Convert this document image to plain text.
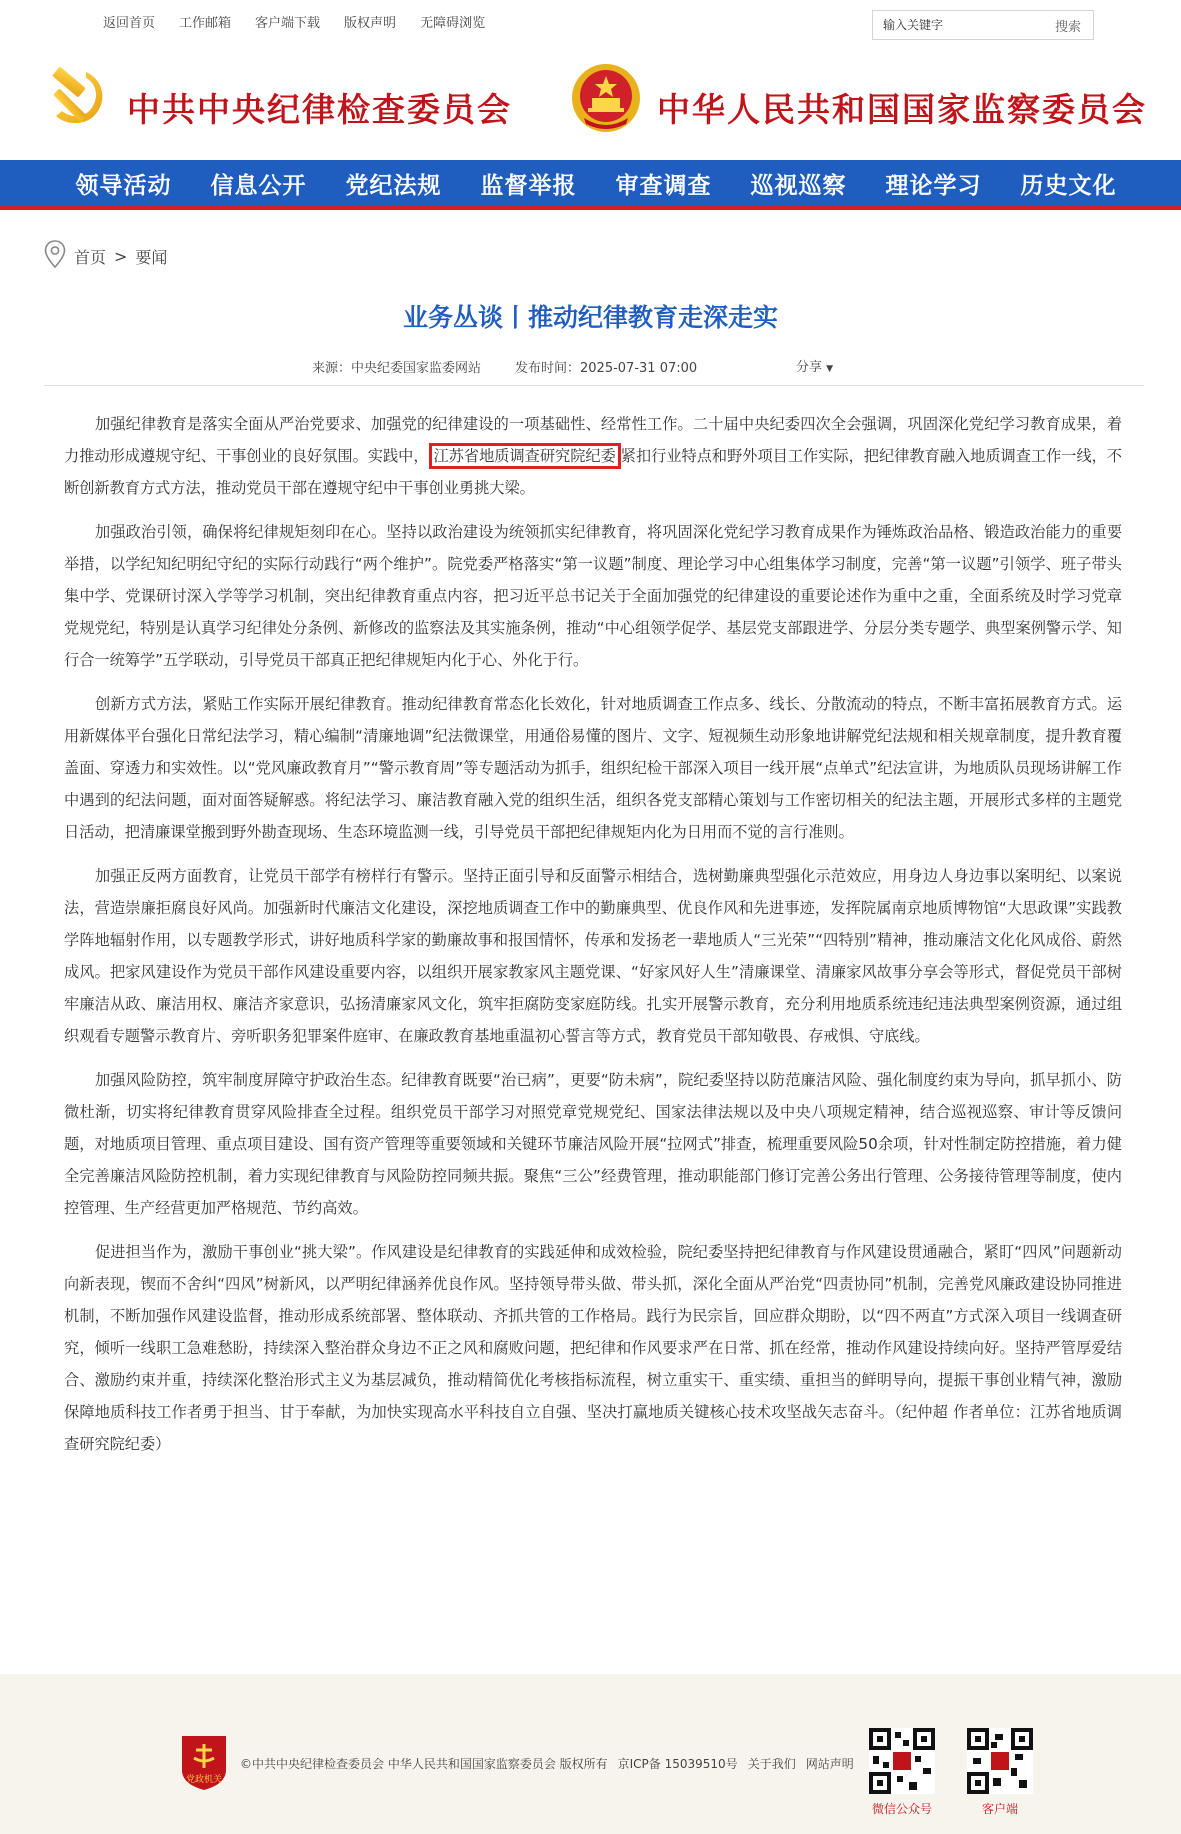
返回首页 工作邮箱 客户端下载 版权声明 无障碍浏览
输入关键字	搜索
中共中央纪律检查委员会	中华人民共和国国家监察委员会
领导活动	信息公开	党纪法规	监督举报	审查调查	巡视巡察	理论学习	历史文化
首页 > 要闻
业务丛谈丨推动纪律教育走深走实
来源：中央纪委国家监委网站	发布时间：2025-07-31 07:00	分享 ▼

加强纪律教育是落实全面从严治党要求、加强党的纪律建设的一项基础性、经常性工作。二十届中央纪委四次全会强调，巩固深化党纪学习教育成果，着力推动形成遵规守纪、干事创业的良好氛围。实践中， 江苏省地质调查研究院纪委 紧扣行业特点和野外项目工作实际，把纪律教育融入地质调查工作一线，不断创新教育方式方法，推动党员干部在遵规守纪中干事创业勇挑大梁。

加强政治引领，确保将纪律规矩刻印在心。坚持以政治建设为统领抓实纪律教育，将巩固深化党纪学习教育成果作为锤炼政治品格、锻造政治能力的重要举措，以学纪知纪明纪守纪的实际行动践行“两个维护”。院党委严格落实“第一议题”制度、理论学习中心组集体学习制度，完善“第一议题”引领学、班子带头集中学、党课研讨深入学等学习机制，突出纪律教育重点内容，把习近平总书记关于全面加强党的纪律建设的重要论述作为重中之重，全面系统及时学习党章党规党纪，特别是认真学习纪律处分条例、新修改的监察法及其实施条例，推动“中心组领学促学、基层党支部跟进学、分层分类专题学、典型案例警示学、知行合一统筹学”五学联动，引导党员干部真正把纪律规矩内化于心、外化于行。

创新方式方法，紧贴工作实际开展纪律教育。推动纪律教育常态化长效化，针对地质调查工作点多、线长、分散流动的特点，不断丰富拓展教育方式。运用新媒体平台强化日常纪法学习，精心编制“清廉地调”纪法微课堂，用通俗易懂的图片、文字、短视频生动形象地讲解党纪法规和相关规章制度，提升教育覆盖面、穿透力和实效性。以“党风廉政教育月”“警示教育周”等专题活动为抓手，组织纪检干部深入项目一线开展“点单式”纪法宣讲，为地质队员现场讲解工作中遇到的纪法问题，面对面答疑解惑。将纪法学习、廉洁教育融入党的组织生活，组织各党支部精心策划与工作密切相关的纪法主题，开展形式多样的主题党日活动，把清廉课堂搬到野外勘查现场、生态环境监测一线，引导党员干部把纪律规矩内化为日用而不觉的言行准则。

加强正反两方面教育，让党员干部学有榜样行有警示。坚持正面引导和反面警示相结合，选树勤廉典型强化示范效应，用身边人身边事以案明纪、以案说法，营造崇廉拒腐良好风尚。加强新时代廉洁文化建设，深挖地质调查工作中的勤廉典型、优良作风和先进事迹，发挥院属南京地质博物馆“大思政课”实践教学阵地辐射作用，以专题教学形式，讲好地质科学家的勤廉故事和报国情怀，传承和发扬老一辈地质人“三光荣”“四特别”精神，推动廉洁文化化风成俗、蔚然成风。把家风建设作为党员干部作风建设重要内容，以组织开展家教家风主题党课、“好家风好人生”清廉课堂、清廉家风故事分享会等形式，督促党员干部树牢廉洁从政、廉洁用权、廉洁齐家意识，弘扬清廉家风文化，筑牢拒腐防变家庭防线。扎实开展警示教育，充分利用地质系统违纪违法典型案例资源，通过组织观看专题警示教育片、旁听职务犯罪案件庭审、在廉政教育基地重温初心誓言等方式，教育党员干部知敬畏、存戒惧、守底线。

加强风险防控，筑牢制度屏障守护政治生态。纪律教育既要“治已病”，更要“防未病”，院纪委坚持以防范廉洁风险、强化制度约束为导向，抓早抓小、防微杜渐，切实将纪律教育贯穿风险排查全过程。组织党员干部学习对照党章党规党纪、国家法律法规以及中央八项规定精神，结合巡视巡察、审计等反馈问题，对地质项目管理、重点项目建设、国有资产管理等重要领域和关键环节廉洁风险开展“拉网式”排查，梳理重要风险50余项，针对性制定防控措施，着力健全完善廉洁风险防控机制，着力实现纪律教育与风险防控同频共振。聚焦“三公”经费管理，推动职能部门修订完善公务出行管理、公务接待管理等制度，使内控管理、生产经营更加严格规范、节约高效。

促进担当作为，激励干事创业“挑大梁”。作风建设是纪律教育的实践延伸和成效检验，院纪委坚持把纪律教育与作风建设贯通融合，紧盯“四风”问题新动向新表现，锲而不舍纠“四风”树新风，以严明纪律涵养优良作风。坚持领导带头做、带头抓，深化全面从严治党“四责协同”机制，完善党风廉政建设协同推进机制，不断加强作风建设监督，推动形成系统部署、整体联动、齐抓共管的工作格局。践行为民宗旨，回应群众期盼，以“四不两直”方式深入项目一线调查研究，倾听一线职工急难愁盼，持续深入整治群众身边不正之风和腐败问题，把纪律和作风要求严在日常、抓在经常，推动作风建设持续向好。坚持严管厚爱结合、激励约束并重，持续深化整治形式主义为基层减负，推动精简优化考核指标流程，树立重实干、重实绩、重担当的鲜明导向，提振干事创业精气神，激励保障地质科技工作者勇于担当、甘于奉献，为加快实现高水平科技自立自强、坚决打赢地质关键核心技术攻坚战矢志奋斗。（纪仲超 作者单位：江苏省地质调查研究院纪委）

党政机关
©中共中央纪律检查委员会 中华人民共和国国家监察委员会 版权所有 京ICP备 15039510号 关于我们 网站声明
微信公众号	客户端
